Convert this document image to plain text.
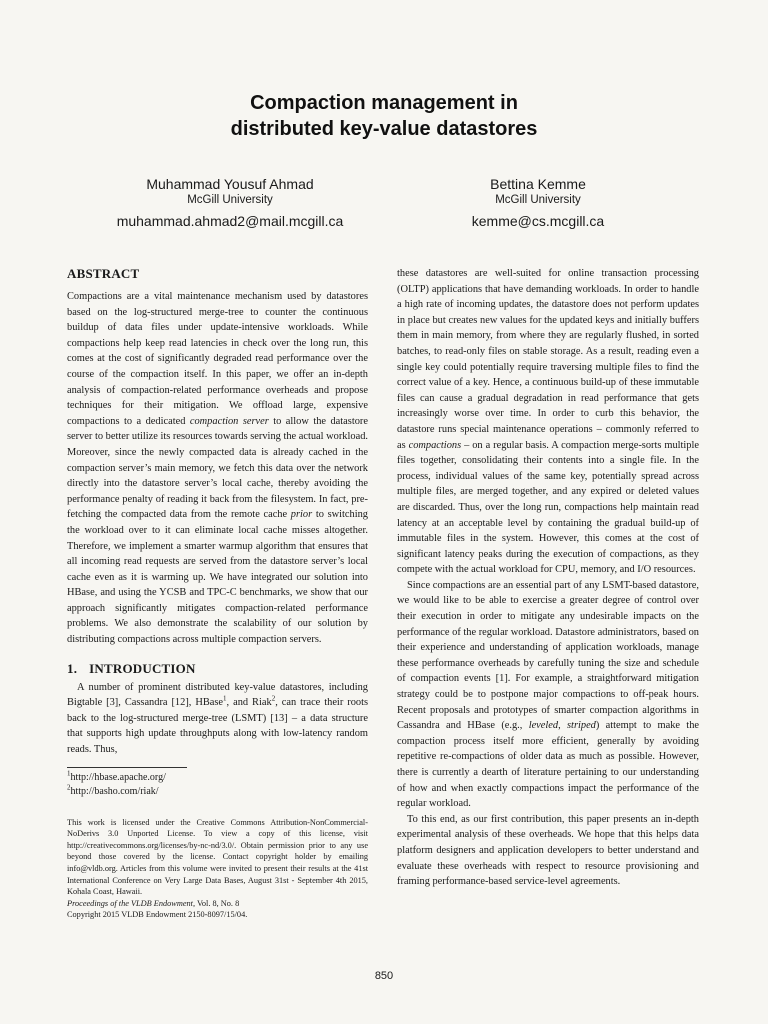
Compaction management in
distributed key-value datastores
Muhammad Yousuf Ahmad
McGill University
muhammad.ahmad2@mail.mcgill.ca
Bettina Kemme
McGill University
kemme@cs.mcgill.ca
ABSTRACT

Compactions are a vital maintenance mechanism used by datastores based on the log-structured merge-tree to counter the continuous buildup of data files under update-intensive workloads. While compactions help keep read latencies in check over the long run, this comes at the cost of significantly degraded read performance over the course of the compaction itself. In this paper, we offer an in-depth analysis of compaction-related performance overheads and propose techniques for their mitigation. We offload large, expensive compactions to a dedicated compaction server to allow the datastore server to better utilize its resources towards serving the actual workload. Moreover, since the newly compacted data is already cached in the compaction server’s main memory, we fetch this data over the network directly into the datastore server’s local cache, thereby avoiding the performance penalty of reading it back from the filesystem. In fact, pre-fetching the compacted data from the remote cache prior to switching the workload over to it can eliminate local cache misses altogether. Therefore, we implement a smarter warmup algorithm that ensures that all incoming read requests are served from the datastore server’s local cache even as it is warming up. We have integrated our solution into HBase, and using the YCSB and TPC-C benchmarks, we show that our approach significantly mitigates compaction-related performance problems. We also demonstrate the scalability of our solution by distributing compactions across multiple compaction servers.

1. INTRODUCTION

A number of prominent distributed key-value datastores, including Bigtable [3], Cassandra [12], HBase$^1$, and Riak$^2$, can trace their roots back to the log-structured merge-tree (LSMT) [13] – a data structure that supports high update throughputs along with low-latency random reads. Thus,

$^1$http://hbase.apache.org/
$^2$http://basho.com/riak/

This work is licensed under the Creative Commons Attribution-NonCommercial-NoDerivs 3.0 Unported License. To view a copy of this license, visit http://creativecommons.org/licenses/by-nc-nd/3.0/. Obtain permission prior to any use beyond those covered by the license. Contact copyright holder by emailing info@vldb.org. Articles from this volume were invited to present their results at the 41st International Conference on Very Large Data Bases, August 31st - September 4th 2015, Kohala Coast, Hawaii.

Proceedings of the VLDB Endowment, Vol. 8, No. 8

Copyright 2015 VLDB Endowment 2150-8097/15/04.

these datastores are well-suited for online transaction processing (OLTP) applications that have demanding workloads. In order to handle a high rate of incoming updates, the datastore does not perform updates in place but creates new values for the updated keys and initially buffers them in main memory, from where they are regularly flushed, in sorted batches, to read-only files on stable storage. As a result, reading even a single key could potentially require traversing multiple files to find the correct value of a key. Hence, a continuous build-up of these immutable files can cause a gradual degradation in read performance that gets increasingly worse over time. In order to curb this behavior, the datastore runs special maintenance operations – commonly referred to as compactions – on a regular basis. A compaction merge-sorts multiple files together, consolidating their contents into a single file. In the process, individual values of the same key, potentially spread across multiple files, are merged together, and any expired or deleted values are discarded. Thus, over the long run, compactions help maintain read latency at an acceptable level by containing the gradual build-up of immutable files in the system. However, this comes at the cost of significant latency peaks during the execution of compactions, as they compete with the actual workload for CPU, memory, and I/O resources.

Since compactions are an essential part of any LSMT-based datastore, we would like to be able to exercise a greater degree of control over their execution in order to mitigate any undesirable impacts on the performance of the regular workload. Datastore administrators, based on their experience and understanding of application workloads, manage these performance overheads by carefully tuning the size and schedule of compaction events [1]. For example, a straightforward mitigation strategy could be to postpone major compactions to off-peak hours. Recent proposals and prototypes of smarter compaction algorithms in Cassandra and HBase (e.g., leveled, striped) attempt to make the compaction process itself more efficient, generally by avoiding repetitive re-compactions of older data as much as possible. However, there is currently a dearth of literature pertaining to our understanding of how and when exactly compactions impact the performance of the regular workload.

To this end, as our first contribution, this paper presents an in-depth experimental analysis of these overheads. We hope that this helps data platform designers and application developers to better understand and evaluate these overheads with respect to resource provisioning and framing performance-based service-level agreements.

850
